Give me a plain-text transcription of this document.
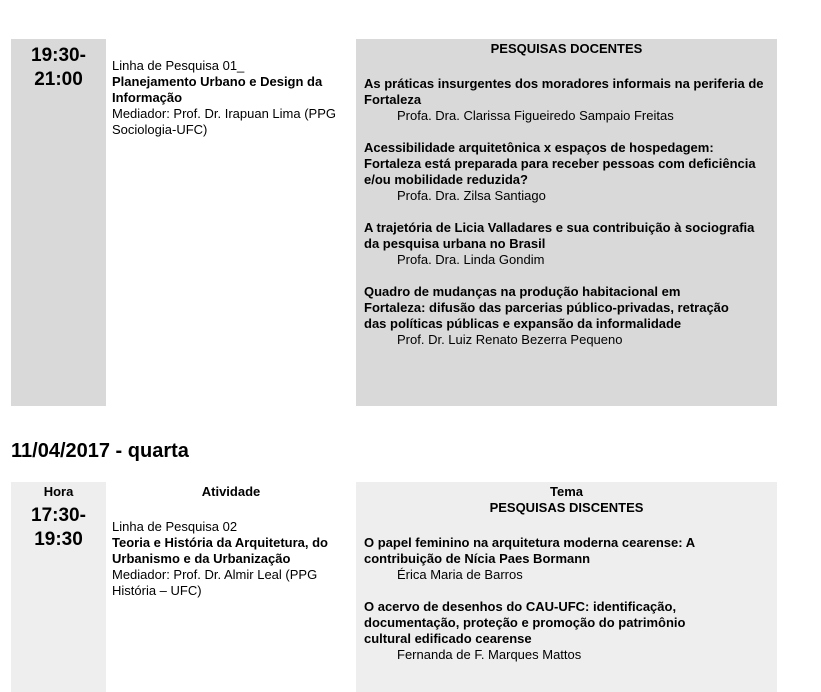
19:30-
21:00
Linha de Pesquisa 01_
Planejamento Urbano e Design da Informação
Mediador: Prof. Dr. Irapuan Lima (PPG Sociologia-UFC)
PESQUISAS DOCENTES
As práticas insurgentes dos moradores informais na periferia de Fortaleza
Profa. Dra. Clarissa Figueiredo Sampaio Freitas
Acessibilidade arquitetônica x espaços de hospedagem: Fortaleza está preparada para receber pessoas com deficiência e/ou mobilidade reduzida?
Profa. Dra. Zilsa Santiago
A trajetória de Licia Valladares e sua contribuição à sociografia da pesquisa urbana no Brasil
Profa. Dra. Linda Gondim
Quadro de mudanças na produção habitacional em Fortaleza: difusão das parcerias público-privadas, retração das políticas públicas e expansão da informalidade
Prof. Dr. Luiz Renato Bezerra Pequeno
11/04/2017 - quarta
Hora
17:30-
19:30
Atividade
Linha de Pesquisa 02
Teoria e História da Arquitetura, do Urbanismo e da Urbanização
Mediador: Prof. Dr. Almir Leal (PPG História – UFC)
Tema
PESQUISAS DISCENTES
O papel feminino na arquitetura moderna cearense: A contribuição de Nícia Paes Bormann
Érica Maria de Barros
O acervo de desenhos do CAU-UFC: identificação, documentação, proteção e promoção do patrimônio cultural edificado cearense
Fernanda de F. Marques Mattos
